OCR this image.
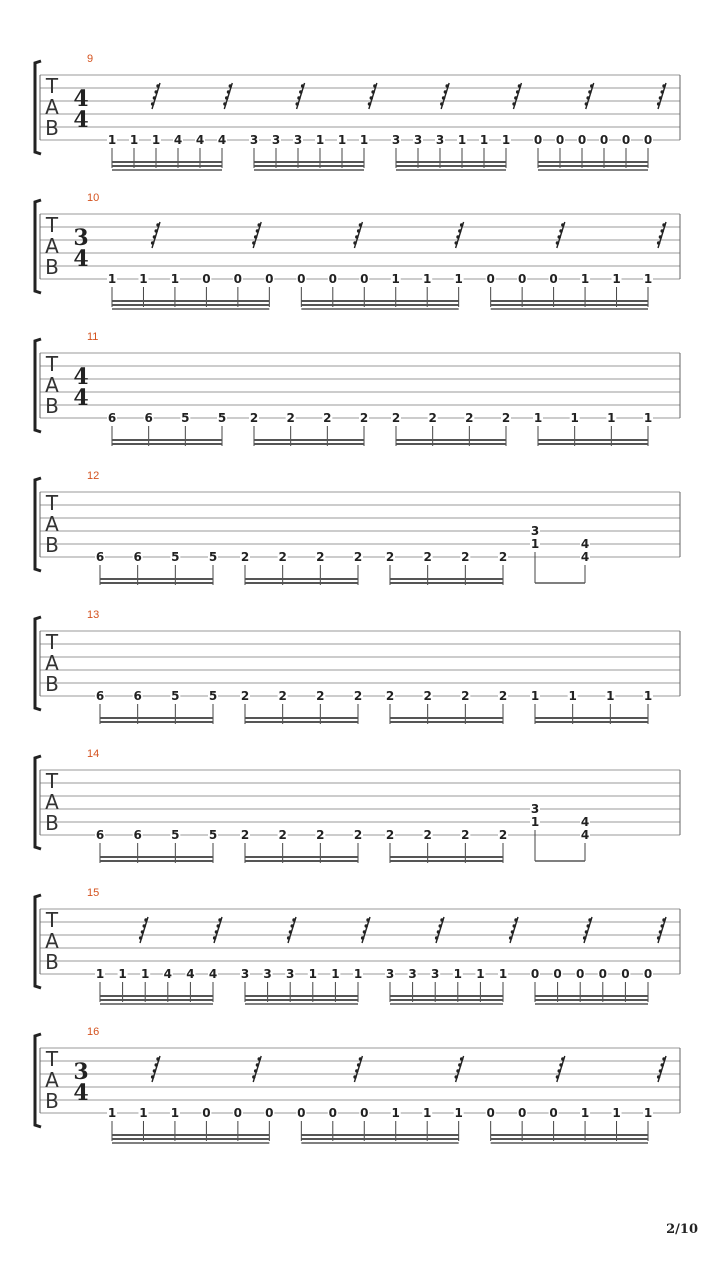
9
T
A
B
4
4
1 1 1 4 4 4 3 3 3 1 1 1 3 3 3 1 1 1 0 0 0 0 0 0
10
T
A
B
3
4
1 1 1 0 0 0 0 0 0 1 1 1 0 0 0 1 1 1
11
T
A
B
4
4
6 6 5 5 2 2 2 2 2 2 2 2 1 1 1 1
12
T
A
B	6 6 5 5 2 2 2 2 2 2 2 2
3
1	4
4
13
T
A
B	6 6 5 5 2 2 2 2 2 2 2 2 1 1 1 1
14
T
A
B	6 6 5 5 2 2 2 2 2 2 2 2
3
1	4
4
15
T
A
B	1 1 1 4 4 4 3 3 3 1 1 1 3 3 3 1 1 1 0 0 0 0 0 0
16
T
A
B
3
4
1 1 1 0 0 0 0 0 0 1 1 1 0 0 0 1 1 1
2/10
